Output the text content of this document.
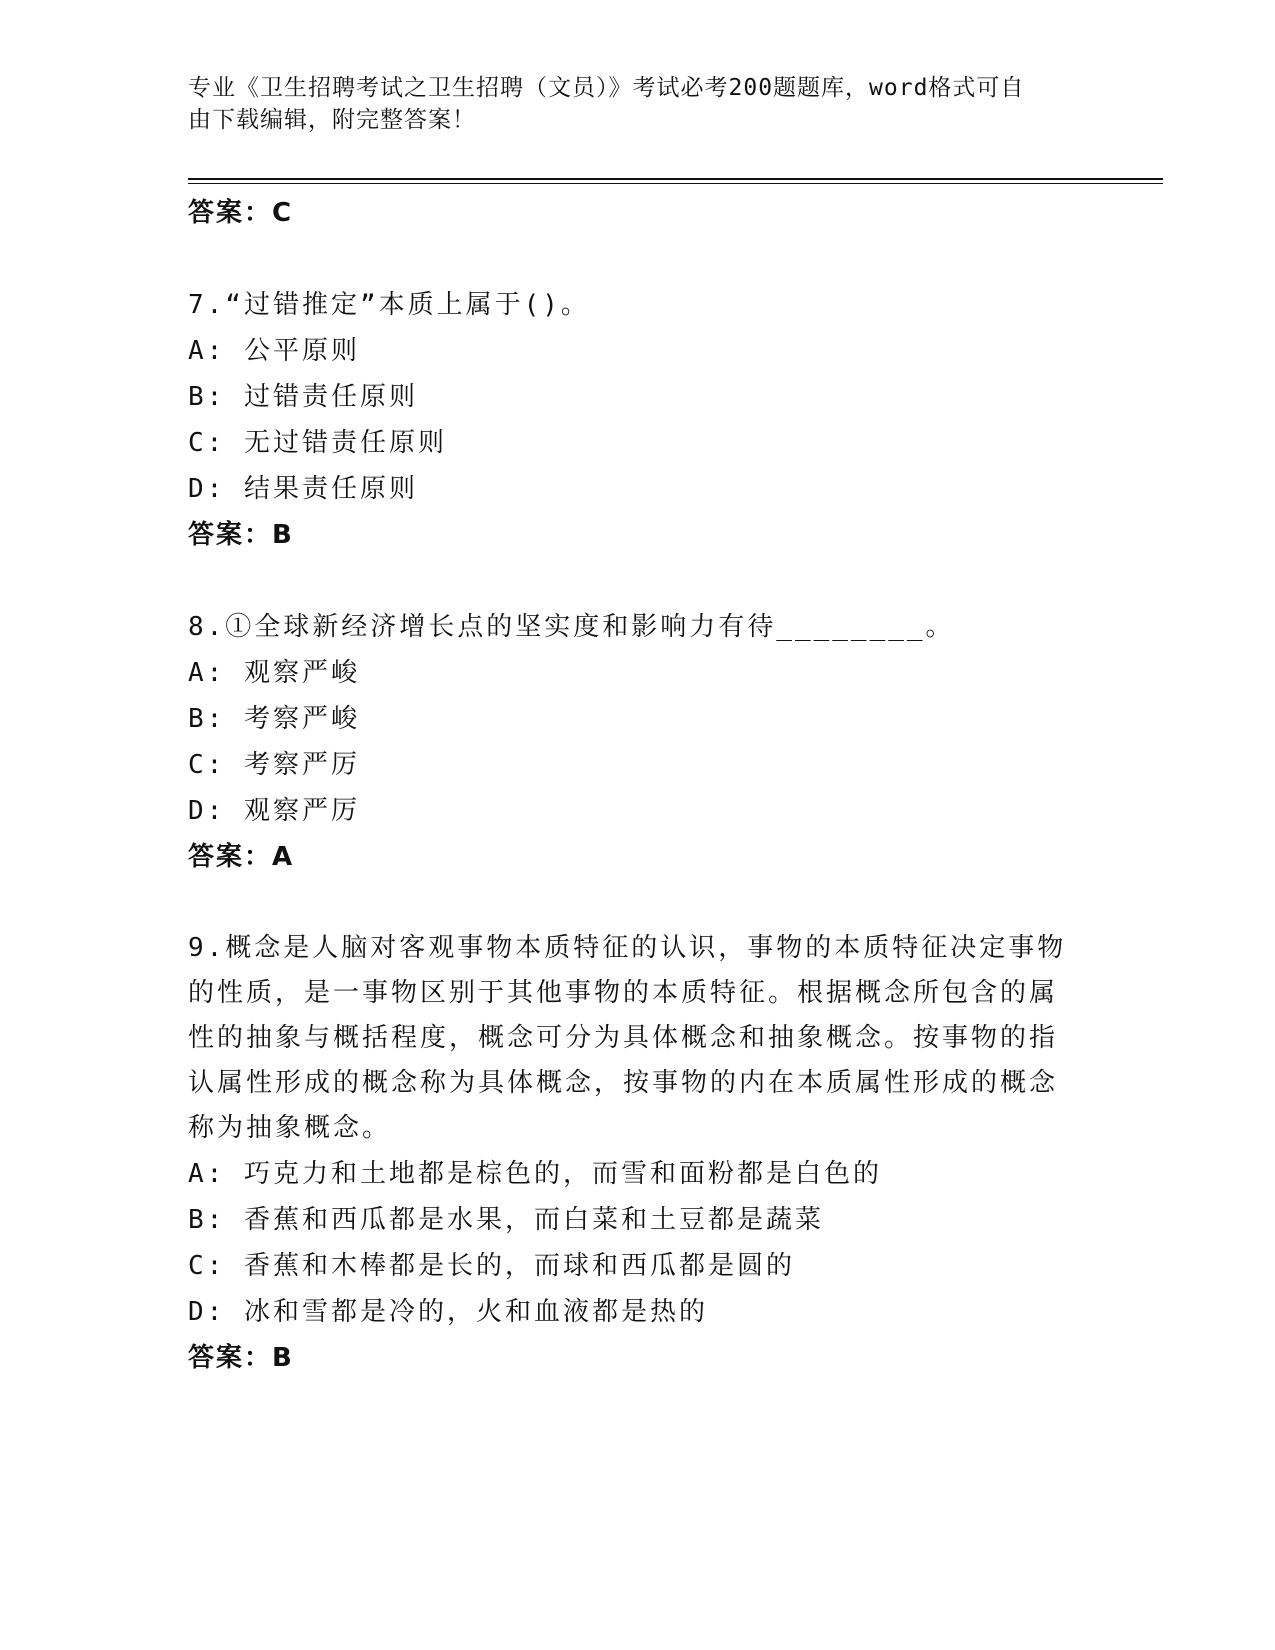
专业《卫生招聘考试之卫生招聘（文员）》考试必考200题题库，word格式可自
由下载编辑，附完整答案！
答案：C
7.“过错推定”本质上属于()。
A: 公平原则
B: 过错责任原则
C: 无过错责任原则
D: 结果责任原则
答案：B
8.①全球新经济增长点的坚实度和影响力有待________。
A: 观察严峻
B: 考察严峻
C: 考察严厉
D: 观察严厉
答案：A
9.概念是人脑对客观事物本质特征的认识，事物的本质特征决定事物
的性质，是一事物区别于其他事物的本质特征。根据概念所包含的属
性的抽象与概括程度，概念可分为具体概念和抽象概念。按事物的指
认属性形成的概念称为具体概念，按事物的内在本质属性形成的概念
称为抽象概念。
A: 巧克力和土地都是棕色的，而雪和面粉都是白色的
B: 香蕉和西瓜都是水果，而白菜和土豆都是蔬菜
C: 香蕉和木棒都是长的，而球和西瓜都是圆的
D: 冰和雪都是冷的，火和血液都是热的
答案：B
